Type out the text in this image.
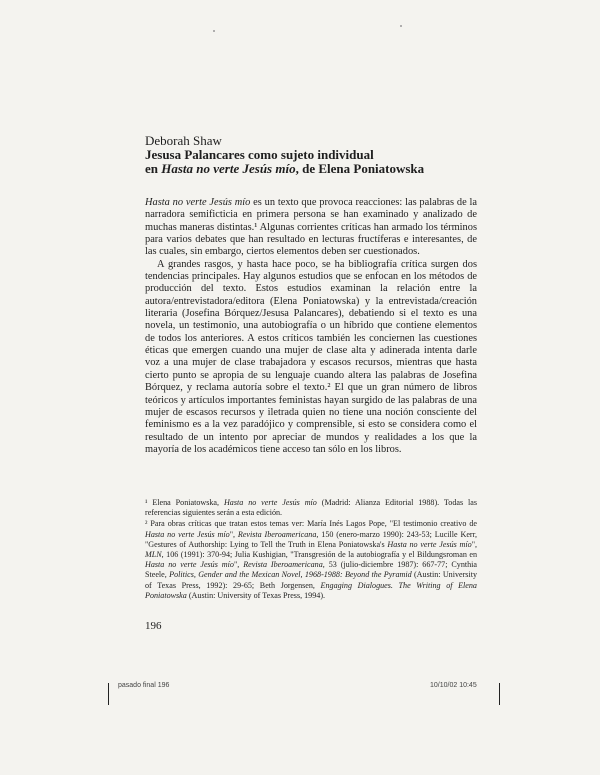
Deborah Shaw

Jesusa Palancares como sujeto individual

en Hasta no verte Jesús mío, de Elena Poniatowska

Hasta no verte Jesús mío es un texto que provoca reacciones: las palabras de la narradora semificticia en primera persona se han examinado y analizado de muchas maneras distintas.¹ Algunas corrientes críticas han armado los términos para varios debates que han resultado en lecturas fructíferas e interesantes, de las cuales, sin embargo, ciertos elementos deben ser cuestionados.

A grandes rasgos, y hasta hace poco, se ha bibliografía crítica surgen dos tendencias principales. Hay algunos estudios que se enfocan en los métodos de producción del texto. Estos estudios examinan la relación entre la autora/entrevistadora/editora (Elena Poniatowska) y la entrevistada/creación literaria (Josefina Bórquez/Jesusa Palancares), debatiendo si el texto es una novela, un testimonio, una autobiografía o un híbrido que contiene elementos de todos los anteriores. A estos críticos también les conciernen las cuestiones éticas que emergen cuando una mujer de clase alta y adinerada intenta darle voz a una mujer de clase trabajadora y escasos recursos, mientras que hasta cierto punto se apropia de su lenguaje cuando altera las palabras de Josefina Bórquez, y reclama autoría sobre el texto.² El que un gran número de libros teóricos y artículos importantes feministas hayan surgido de las palabras de una mujer de escasos recursos y iletrada quien no tiene una noción consciente del feminismo es a la vez paradójico y comprensible, si esto se considera como el resultado de un intento por apreciar de mundos y realidades a los que la mayoría de los académicos tiene acceso tan sólo en los libros.

¹ Elena Poniatowska, Hasta no verte Jesús mío (Madrid: Alianza Editorial 1988). Todas las referencias siguientes serán a esta edición.

² Para obras críticas que tratan estos temas ver: María Inés Lagos Pope, "El testimonio creativo de Hasta no verte Jesús mío", Revista Iberoamericana, 150 (enero-marzo 1990): 243-53; Lucille Kerr, "Gestures of Authorship: Lying to Tell the Truth in Elena Poniatowska's Hasta no verte Jesús mío", MLN, 106 (1991): 370-94; Julia Kushigian, "Transgresión de la autobiografía y el Bildungsroman en Hasta no verte Jesús mío", Revista Iberoamericana, 53 (julio-diciembre 1987): 667-77; Cynthia Steele, Politics, Gender and the Mexican Novel, 1968-1988: Beyond the Pyramid (Austin: University of Texas Press, 1992): 29-65; Beth Jorgensen, Engaging Dialogues. The Writing of Elena Poniatowska (Austin: University of Texas Press, 1994).

196
pasado final 196	10/10/02 10:45
